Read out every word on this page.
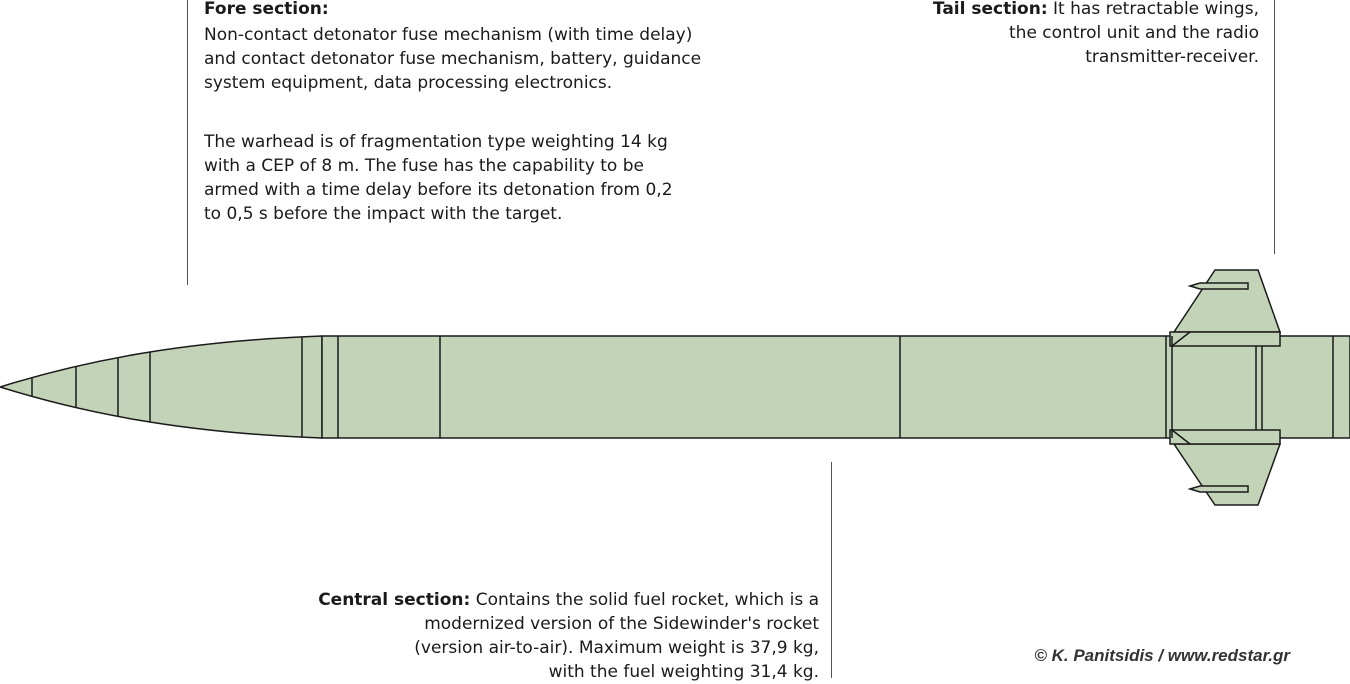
Fore section:
Non-contact detonator fuse mechanism (with time delay)
and contact detonator fuse mechanism, battery, guidance
system equipment, data processing electronics.
The warhead is of fragmentation type weighting 14 kg
with a CEP of 8 m. The fuse has the capability to be
armed with a time delay before its detonation from 0,2
to 0,5 s before the impact with the target.
Tail section: It has retractable wings,
the control unit and the radio
transmitter-receiver.
Central section: Contains the solid fuel rocket, which is a
modernized version of the Sidewinder's rocket
(version air-to-air). Maximum weight is 37,9 kg,
with the fuel weighting 31,4 kg.
© K. Panitsidis / www.redstar.gr
